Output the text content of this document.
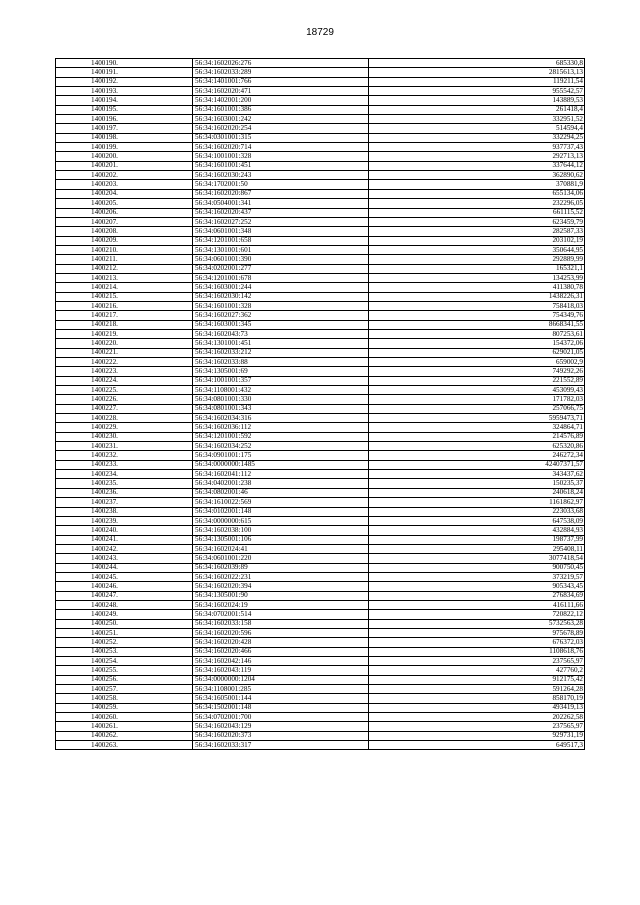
18729
1400190.	56:34:1602026:276	685330,8
1400191.	56:34:1602033:289	2815613,13
1400192.	56:34:1401001:766	119211,54
1400193.	56:34:1602020:471	955542,57
1400194.	56:34:1402001:200	143889,53
1400195.	56:34:1601001:386	261418,4
1400196.	56:34:1603001:242	332951,52
1400197.	56:34:1602020:254	514594,4
1400198.	56:34:0301001:315	332294,25
1400199.	56:34:1602020:714	937737,43
1400200.	56:34:1001001:328	292713,13
1400201.	56:34:1601001:451	337644,12
1400202.	56:34:1602030:243	362890,62
1400203.	56:34:1702001:50	370881,9
1400204.	56:34:1602020:867	655134,06
1400205.	56:34:0504001:341	232296,05
1400206.	56:34:1602020:437	661115,52
1400207.	56:34:1602027:252	623459,79
1400208.	56:34:0601001:348	282587,33
1400209.	56:34:1201001:658	203102,19
1400210.	56:34:1301001:601	350644,95
1400211.	56:34:0601001:390	292889,99
1400212.	56:34:0202001:277	165321,1
1400213.	56:34:1201001:678	134253,99
1400214.	56:34:1603001:244	411380,78
1400215.	56:34:1602030:142	1438226,31
1400216.	56:34:1601001:328	758418,03
1400217.	56:34:1602027:362	754349,76
1400218.	56:34:1603001:345	8668341,55
1400219.	56:34:1602043:73	807253,61
1400220.	56:34:1301001:451	154372,06
1400221.	56:34:1602033:212	629021,05
1400222.	56:34:1602033:88	659002,9
1400223.	56:34:1305001:69	749292,26
1400224.	56:34:1001001:357	221552,89
1400225.	56:34:1108001:432	453099,43
1400226.	56:34:0801001:330	171782,03
1400227.	56:34:0801001:343	257066,75
1400228.	56:34:1602034:316	5959473,71
1400229.	56:34:1602036:112	324864,71
1400230.	56:34:1201001:592	214576,89
1400231.	56:34:1602034:252	625320,86
1400232.	56:34:0901001:175	246272,34
1400233.	56:34:0000000:1485	42407371,57
1400234.	56:34:1602041:112	343437,62
1400235.	56:34:0402001:238	150235,37
1400236.	56:34:0802001:46	240618,24
1400237.	56:34:1610022:569	1161862,97
1400238.	56:34:0102001:148	223033,68
1400239.	56:34:0000000:615	647538,09
1400240.	56:34:1602038:100	432884,93
1400241.	56:34:1305001:106	198737,99
1400242.	56:34:1602024:41	295408,11
1400243.	56:34:0601001:220	3077418,54
1400244.	56:34:1602039:89	900750,45
1400245.	56:34:1602022:231	373219,57
1400246.	56:34:1602020:394	905343,45
1400247.	56:34:1305001:90	276834,69
1400248.	56:34:1602024:19	416111,66
1400249.	56:34:0702001:514	720822,12
1400250.	56:34:1602033:158	5732563,28
1400251.	56:34:1602020:596	975678,89
1400252.	56:34:1602020:428	676372,03
1400253.	56:34:1602020:466	1108618,76
1400254.	56:34:1602042:146	237565,97
1400255.	56:34:1602043:119	427760,2
1400256.	56:34:0000000:1204	912175,42
1400257.	56:34:1108001:285	591264,28
1400258.	56:34:1605001:144	858170,19
1400259.	56:34:1502001:148	493419,13
1400260.	56:34:0702001:700	202262,58
1400261.	56:34:1602043:129	237565,97
1400262.	56:34:1602020:373	929731,19
1400263.	56:34:1602033:317	649517,3
